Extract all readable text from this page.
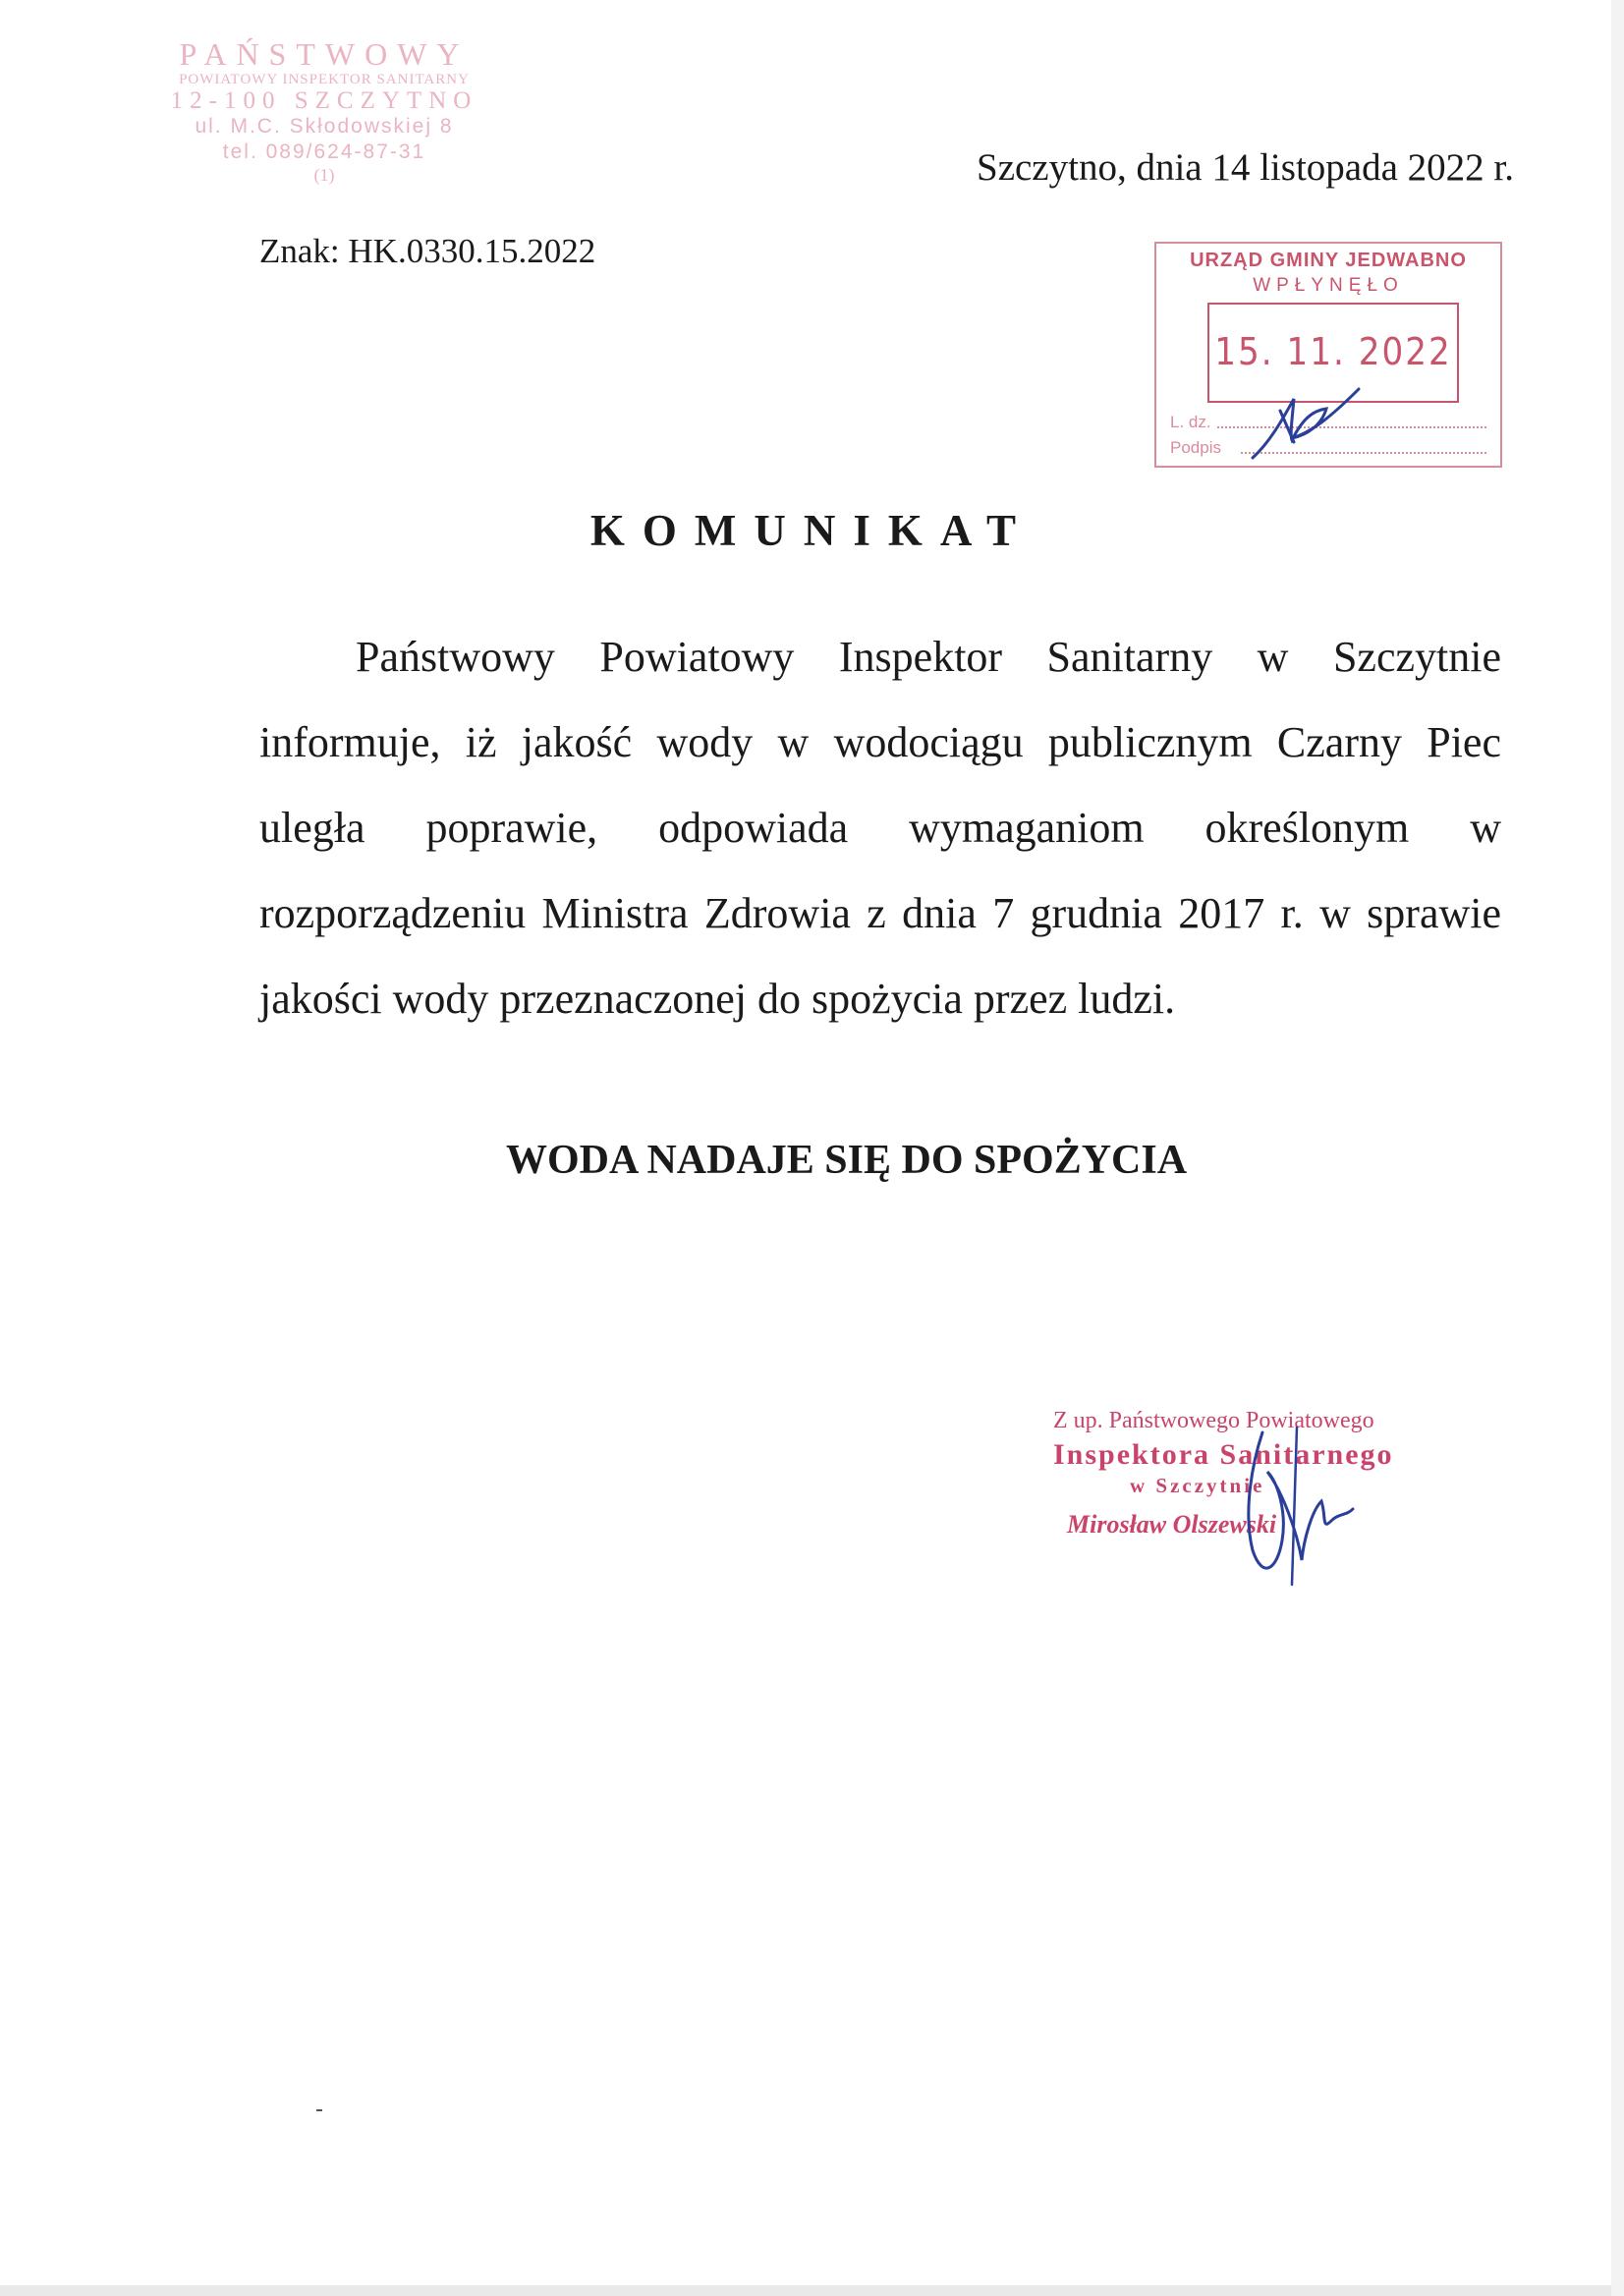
PAŃSTWOWY
POWIATOWY INSPEKTOR SANITARNY
12-100 SZCZYTNO
ul. M.C. Skłodowskiej 8
tel. 089/624-87-31
(1)	Szczytno, dnia 14 listopada 2022 r.
Znak: HK.0330.15.2022	URZĄD GMINY JEDWABNO
WPŁYNĘŁO
15. 11. 2022
L. dz.
Podpis
KOMUNIKAT

Państwowy Powiatowy Inspektor Sanitarny w Szczytnie informuje, iż jakość wody w wodociągu publicznym Czarny Piec uległa poprawie, odpowiada wymaganiom określonym w rozporządzeniu Ministra Zdrowia z dnia 7 grudnia 2017 r. w sprawie jakości wody przeznaczonej do spożycia przez ludzi.

WODA NADAJE SIĘ DO SPOŻYCIA
Z up. Państwowego Powiatowego
Inspektora Sanitarnego
w Szczytnie
Mirosław Olszewski
